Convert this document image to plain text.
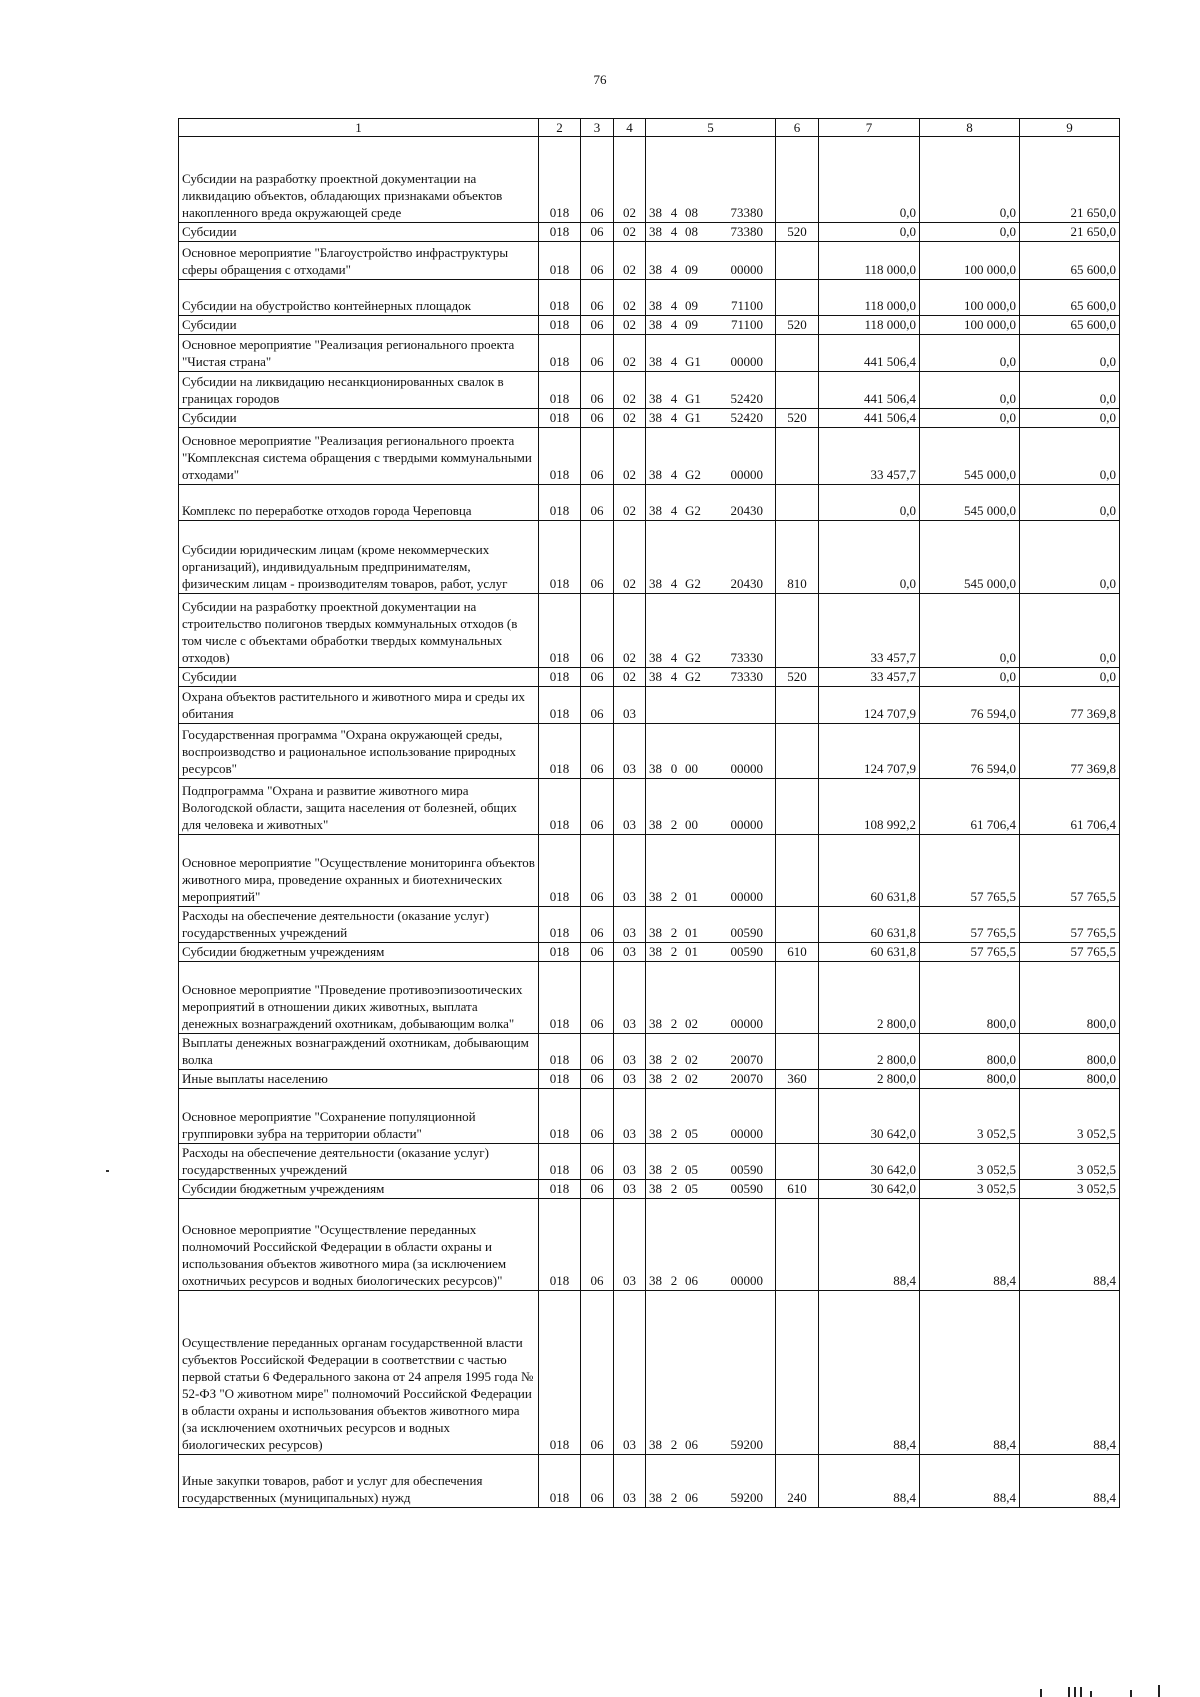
76
1	2	3	4	5	6	7	8	9
Субсидии на разработку проектной документации на ликвидацию объектов, обладающих признаками объектов накопленного вреда окружающей среде	018	06	02	38 4 08 73380		0,0	0,0	21 650,0
Субсидии	018	06	02	38 4 08 73380	520	0,0	0,0	21 650,0
Основное мероприятие "Благоустройство инфраструктуры сферы обращения с отходами"	018	06	02	38 4 09 00000		118 000,0	100 000,0	65 600,0
Субсидии на обустройство контейнерных площадок	018	06	02	38 4 09 71100		118 000,0	100 000,0	65 600,0
Субсидии	018	06	02	38 4 09 71100	520	118 000,0	100 000,0	65 600,0
Основное мероприятие "Реализация регионального проекта "Чистая страна"	018	06	02	38 4 G1 00000		441 506,4	0,0	0,0
Субсидии на ликвидацию несанкционированных свалок в границах городов	018	06	02	38 4 G1 52420		441 506,4	0,0	0,0
Субсидии	018	06	02	38 4 G1 52420	520	441 506,4	0,0	0,0
Основное мероприятие "Реализация регионального проекта "Комплексная система обращения с твердыми коммунальными отходами"	018	06	02	38 4 G2 00000		33 457,7	545 000,0	0,0
Комплекс по переработке отходов города Череповца	018	06	02	38 4 G2 20430		0,0	545 000,0	0,0
Субсидии юридическим лицам (кроме некоммерческих организаций), индивидуальным предпринимателям, физическим лицам - производителям товаров, работ, услуг	018	06	02	38 4 G2 20430	810	0,0	545 000,0	0,0
Субсидии на разработку проектной документации на строительство полигонов твердых коммунальных отходов (в том числе с объектами обработки твердых коммунальных отходов)	018	06	02	38 4 G2 73330		33 457,7	0,0	0,0
Субсидии	018	06	02	38 4 G2 73330	520	33 457,7	0,0	0,0
Охрана объектов растительного и животного мира и среды их обитания	018	06	03			124 707,9	76 594,0	77 369,8
Государственная программа "Охрана окружающей среды, воспроизводство и рациональное использование природных ресурсов"	018	06	03	38 0 00 00000		124 707,9	76 594,0	77 369,8
Подпрограмма "Охрана и развитие животного мира Вологодской области, защита населения от болезней, общих для человека и животных"	018	06	03	38 2 00 00000		108 992,2	61 706,4	61 706,4
Основное мероприятие "Осуществление мониторинга объектов животного мира, проведение охранных и биотехнических мероприятий"	018	06	03	38 2 01 00000		60 631,8	57 765,5	57 765,5
Расходы на обеспечение деятельности (оказание услуг) государственных учреждений	018	06	03	38 2 01 00590		60 631,8	57 765,5	57 765,5
Субсидии бюджетным учреждениям	018	06	03	38 2 01 00590	610	60 631,8	57 765,5	57 765,5
Основное мероприятие "Проведение противоэпизоотических мероприятий в отношении диких животных, выплата денежных вознаграждений охотникам, добывающим волка"	018	06	03	38 2 02 00000		2 800,0	800,0	800,0
Выплаты денежных вознаграждений охотникам, добывающим волка	018	06	03	38 2 02 20070		2 800,0	800,0	800,0
Иные выплаты населению	018	06	03	38 2 02 20070	360	2 800,0	800,0	800,0
Основное мероприятие "Сохранение популяционной группировки зубра на территории области"	018	06	03	38 2 05 00000		30 642,0	3 052,5	3 052,5
Расходы на обеспечение деятельности (оказание услуг) государственных учреждений	018	06	03	38 2 05 00590		30 642,0	3 052,5	3 052,5
Субсидии бюджетным учреждениям	018	06	03	38 2 05 00590	610	30 642,0	3 052,5	3 052,5
Основное мероприятие "Осуществление переданных полномочий Российской Федерации в области охраны и использования объектов животного мира (за исключением охотничьих ресурсов и водных биологических ресурсов)"	018	06	03	38 2 06 00000		88,4	88,4	88,4
Осуществление переданных органам государственной власти субъектов Российской Федерации в соответствии с частью первой статьи 6 Федерального закона от 24 апреля 1995 года № 52-ФЗ "О животном мире" полномочий Российской Федерации в области охраны и использования объектов животного мира (за исключением охотничьих ресурсов и водных биологических ресурсов)	018	06	03	38 2 06 59200		88,4	88,4	88,4
Иные закупки товаров, работ и услуг для обеспечения государственных (муниципальных) нужд	018	06	03	38 2 06 59200	240	88,4	88,4	88,4
